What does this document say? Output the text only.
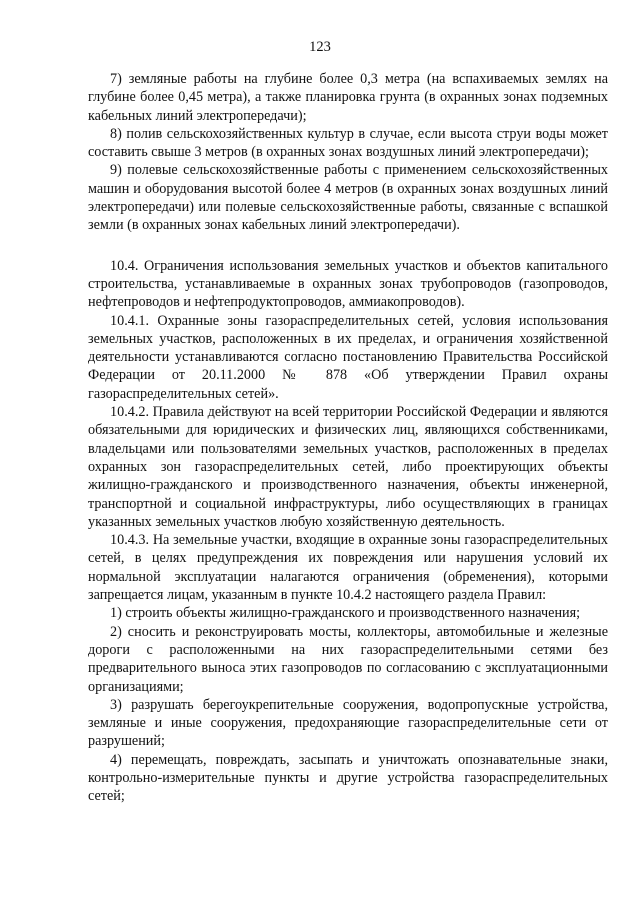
123

7) земляные работы на глубине более 0,3 метра (на вспахиваемых землях на глубине более 0,45 метра), а также планировка грунта (в охранных зонах подземных кабельных линий электропередачи);

8) полив сельскохозяйственных культур в случае, если высота струи воды может составить свыше 3 метров (в охранных зонах воздушных линий электропередачи);

9) полевые сельскохозяйственные работы с применением сельскохозяйственных машин и оборудования высотой более 4 метров (в охранных зонах воздушных линий электропередачи) или полевые сельскохозяйственные работы, связанные с вспашкой земли (в охранных зонах кабельных линий электропередачи).

10.4. Ограничения использования земельных участков и объектов капитального строительства, устанавливаемые в охранных зонах трубопроводов (газопроводов, нефтепроводов и нефтепродуктопроводов, аммиакопроводов).

10.4.1. Охранные зоны газораспределительных сетей, условия использования земельных участков, расположенных в их пределах, и ограничения хозяйственной деятельности устанавливаются согласно постановлению Правительства Российской Федерации от 20.11.2000 № 878 «Об утверждении Правил охраны газораспределительных сетей».

10.4.2. Правила действуют на всей территории Российской Федерации и являются обязательными для юридических и физических лиц, являющихся собственниками, владельцами или пользователями земельных участков, расположенных в пределах охранных зон газораспределительных сетей, либо проектирующих объекты жилищно-гражданского и производственного назначения, объекты инженерной, транспортной и социальной инфраструктуры, либо осуществляющих в границах указанных земельных участков любую хозяйственную деятельность.

10.4.3. На земельные участки, входящие в охранные зоны газораспределительных сетей, в целях предупреждения их повреждения или нарушения условий их нормальной эксплуатации налагаются ограничения (обременения), которыми запрещается лицам, указанным в пункте 10.4.2 настоящего раздела Правил:

1) строить объекты жилищно-гражданского и производственного назначения;

2) сносить и реконструировать мосты, коллекторы, автомобильные и железные дороги с расположенными на них газораспределительными сетями без предварительного выноса этих газопроводов по согласованию с эксплуатационными организациями;

3) разрушать берегоукрепительные сооружения, водопропускные устройства, земляные и иные сооружения, предохраняющие газораспределительные сети от разрушений;

4) перемещать, повреждать, засыпать и уничтожать опознавательные знаки, контрольно-измерительные пункты и другие устройства газораспределительных сетей;
